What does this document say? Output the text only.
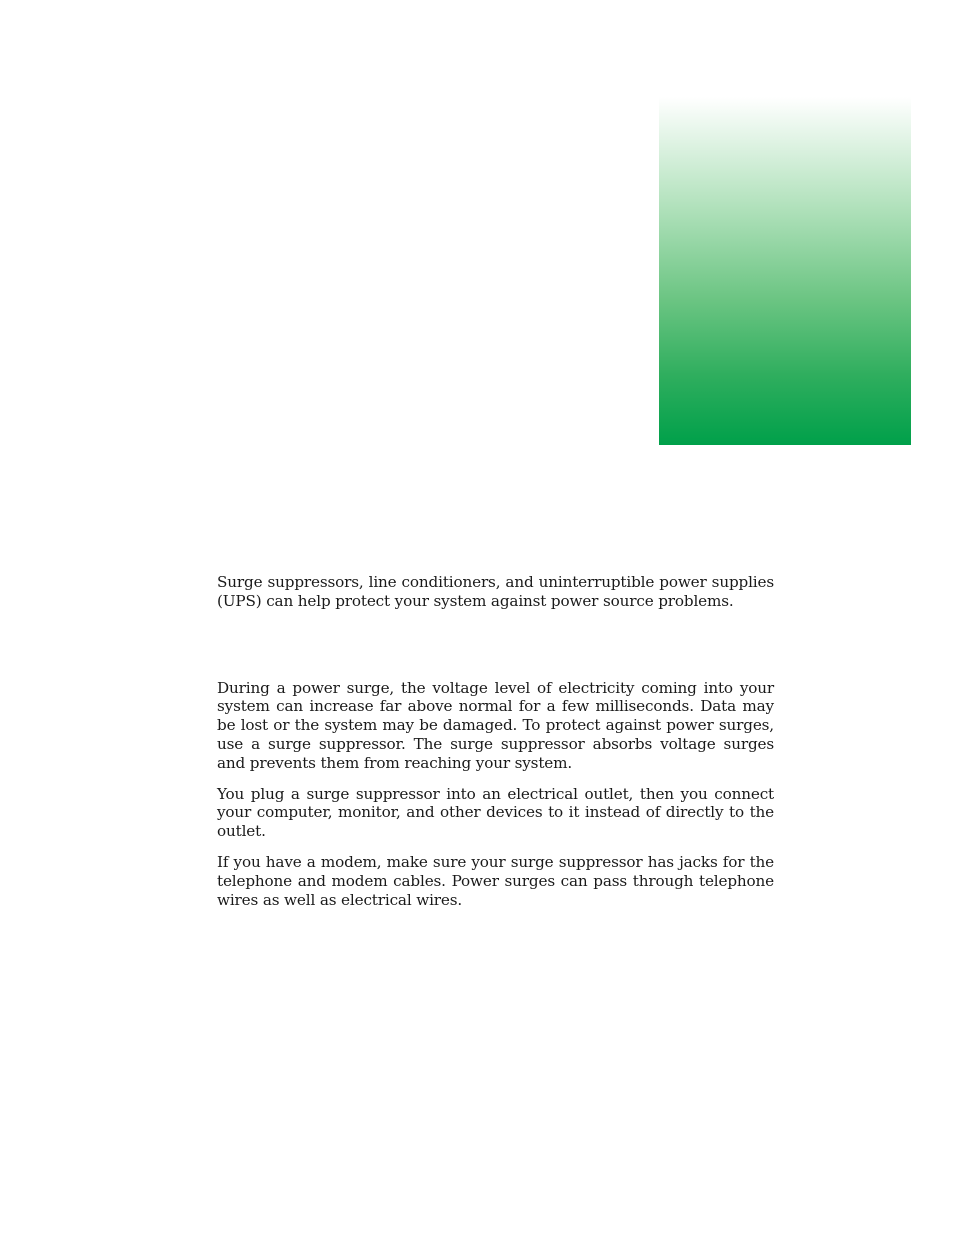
Surge suppressors, line conditioners, and uninterruptible power supplies (UPS) can help protect your system against power source problems.

During a power surge, the voltage level of electricity coming into your system can increase far above normal for a few milliseconds. Data may be lost or the system may be damaged. To protect against power surges, use a surge suppressor. The surge suppressor absorbs voltage surges and prevents them from reaching your system.

You plug a surge suppressor into an electrical outlet, then you connect your computer, monitor, and other devices to it instead of directly to the outlet.

If you have a modem, make sure your surge suppressor has jacks for the telephone and modem cables. Power surges can pass through telephone wires as well as electrical wires.
